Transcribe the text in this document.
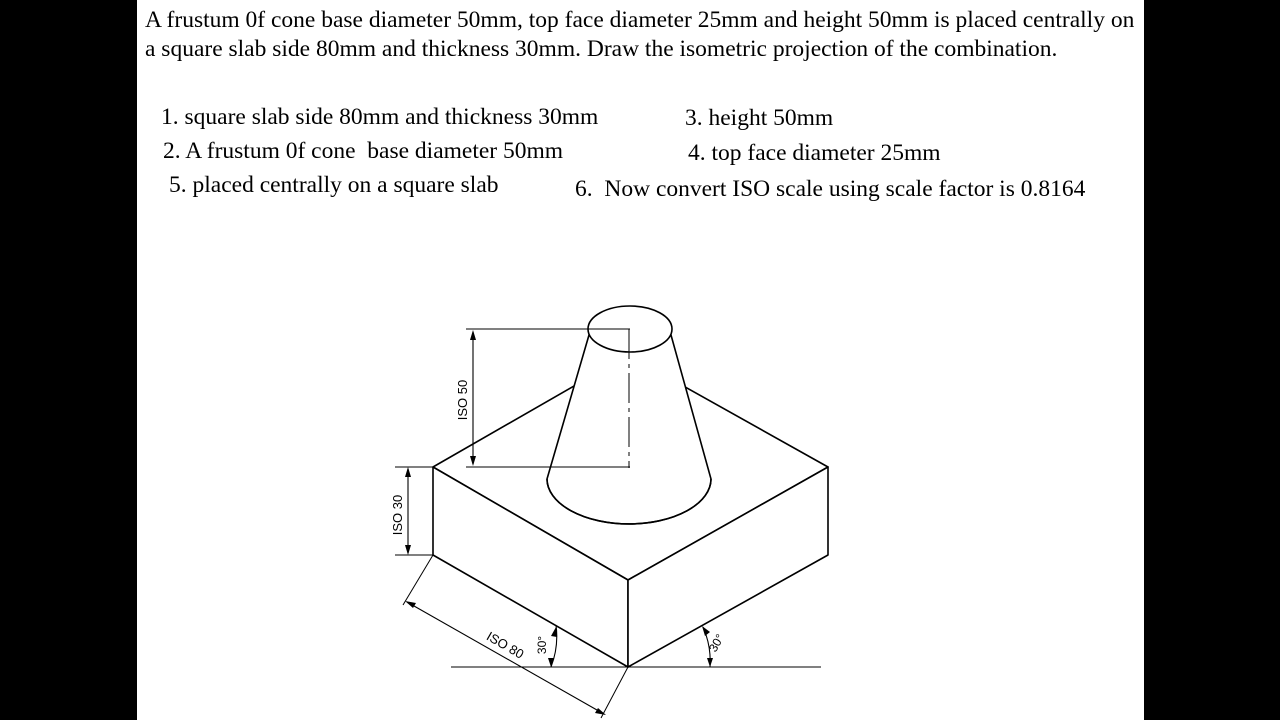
A frustum 0f cone base diameter 50mm, top face diameter 25mm and height 50mm is placed centrally on a square slab side 80mm and thickness 30mm. Draw the isometric projection of the combination.

1. square slab side 80mm and thickness 30mm
2. A frustum 0f cone  base diameter 50mm
3. height 50mm
4. top face diameter 25mm
5. placed centrally on a square slab	6.  Now convert ISO scale using scale factor is 0.8164
ISO 50
ISO 30
ISO 80 30°	30°
